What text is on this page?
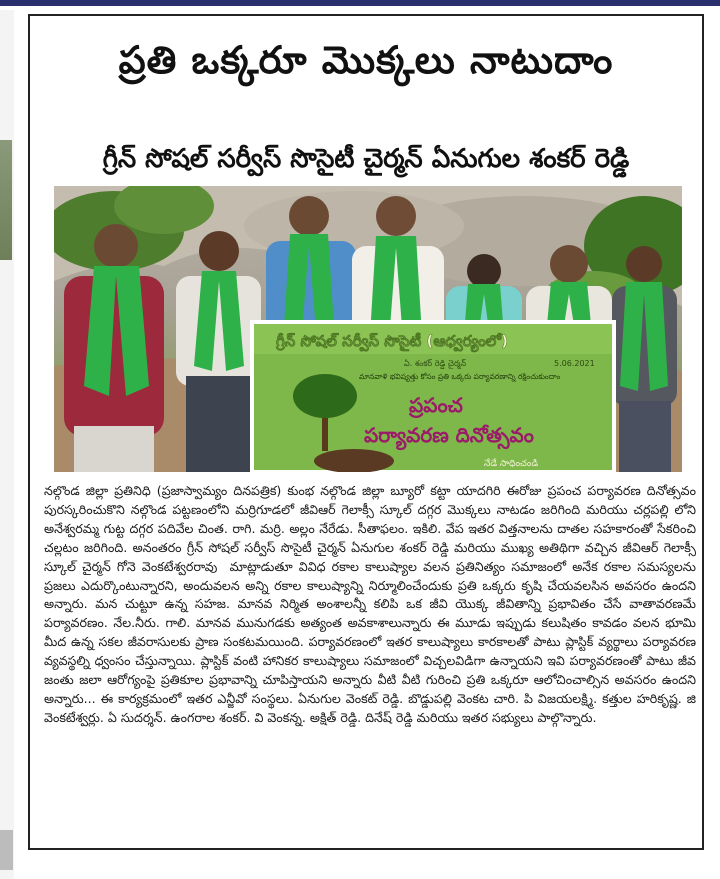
ప్రతి ఒక్కరూ మొక్కలు నాటుదాం
గ్రీన్ సోషల్ సర్వీస్ సొసైటీ చైర్మన్ ఏనుగుల శంకర్ రెడ్డి
గ్రీన్ సోషల్ సర్వీస్ సొసైటీ (ఆధ్వర్యంలో)
ఏ. శంకర్ రెడ్డి చైర్మన్	5.06.2021
మానవాళి భవిష్యత్తు కోసం ప్రతి ఒక్కరు పర్యావరణాన్ని రక్షించుకుందాం
ప్రపంచ
పర్యావరణ దినోత్సవం
నేడే సాధించండి
నల్గొండ జిల్లా ప్రతినిధి (ప్రజాస్వామ్యం దినపత్రిక) కుంభ నల్గొండ జిల్లా బ్యూరో కట్టా యాదగిరి ఈరోజు ప్రపంచ పర్యావరణ దినోత్సవం పురస్కరించుకొని నల్గొండ పట్టణంలోని మర్రిగూడలో జీవిఆర్ గెలాక్సీ స్కూల్ దగ్గర మొక్కలు నాటడం జరిగింది మరియు చర్లపల్లి లోని అనేశ్వరమ్మ గుట్ట దగ్గర పదివేల చింత. రాగి. మర్రి. అల్లం నేరేడు. సీతాఫలం. ఇకిలి. వేప ఇతర విత్తనాలను దాతల సహకారంతో సేకరించి చల్లటం జరిగింది. అనంతరం గ్రీన్ సోషల్ సర్వీస్ సొసైటీ చైర్మన్ ఏనుగుల శంకర్ రెడ్డి మరియు ముఖ్య అతిథిగా వచ్చిన జీవిఆర్ గెలాక్సీ స్కూల్ చైర్మన్ గోనె వెంకటేశ్వరరావు  మాట్లాడుతూ వివిధ రకాల కాలుష్యాల వలన ప్రతినిత్యం సమాజంలో అనేక రకాల సమస్యలను ప్రజలు ఎదుర్కొంటున్నారని, అందువలన అన్ని రకాల కాలుష్యాన్ని నిర్మూలించేందుకు ప్రతి ఒక్కరు కృషి చేయవలసిన అవసరం ఉందని అన్నారు. మన చుట్టూ ఉన్న సహజ. మానవ నిర్మిత అంశాలన్నీ కలిపి ఒక జీవి యొక్క జీవితాన్ని ప్రభావితం చేసే వాతావరణమే పర్యావరణం. నేల.నీరు. గాలి. మానవ మునుగడకు అత్యంత అవకాశాలున్నారు ఈ మూడు ఇప్పుడు కలుషితం కావడం వలన భూమి మీద ఉన్న సకల జీవరాసులకు ప్రాణ సంకటమయింది. పర్యావరణంలో ఇతర కాలుష్యాలు కారకాలతో పాటు ప్లాస్టిక్ వ్యర్థాలు పర్యావరణ వ్యవస్థల్ని ధ్వంసం చేస్తున్నాయి. ప్లాస్టిక్ వంటి హానికర కాలుష్యాలు సమాజంలో విచ్చలవిడిగా ఉన్నాయని ఇవి పర్యావరణంతో పాటు జీవ జంతు జలా ఆరోగ్యంపై ప్రతికూల ప్రభావాన్ని చూపిస్తాయని అన్నారు వీటి వీటి గురించి ప్రతి ఒక్కరూ ఆలోచించాల్సిన అవసరం ఉందని అన్నారు... ఈ కార్యక్రమంలో ఇతర ఎన్జీవో సంస్థలు. ఏనుగుల వెంకట్ రెడ్డి. బొడ్డుపల్లి వెంకట చారి. పి విజయలక్ష్మి. కత్తుల హరికృష్ణ. జి వెంకటేశ్వర్లు. ఏ సుదర్శన్. ఉంగరాల శంకర్. వి వెంకన్న. అక్షిత్ రెడ్డి. దినేష్ రెడ్డి మరియు ఇతర సభ్యులు పాల్గొన్నారు.
